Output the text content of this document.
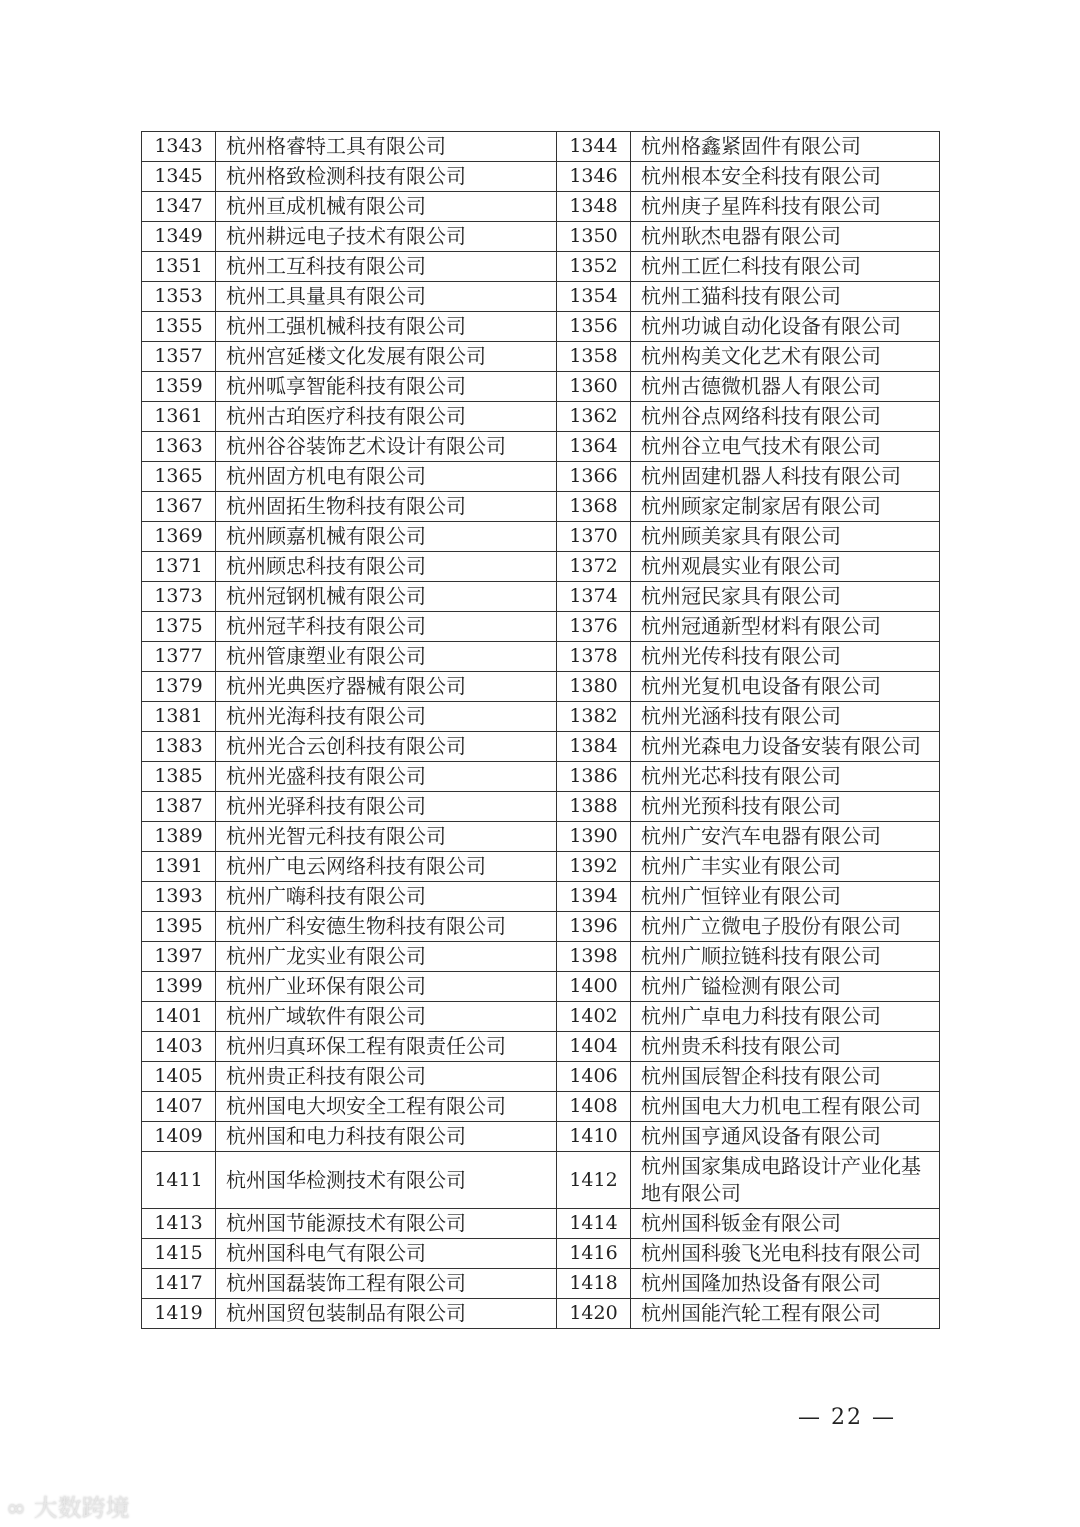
1343	杭州格睿特工具有限公司	1344	杭州格鑫紧固件有限公司
1345	杭州格致检测科技有限公司	1346	杭州根本安全科技有限公司
1347	杭州亘成机械有限公司	1348	杭州庚子星阵科技有限公司
1349	杭州耕远电子技术有限公司	1350	杭州耿杰电器有限公司
1351	杭州工互科技有限公司	1352	杭州工匠仁科技有限公司
1353	杭州工具量具有限公司	1354	杭州工猫科技有限公司
1355	杭州工强机械科技有限公司	1356	杭州功诚自动化设备有限公司
1357	杭州宫延楼文化发展有限公司	1358	杭州构美文化艺术有限公司
1359	杭州呱享智能科技有限公司	1360	杭州古德微机器人有限公司
1361	杭州古珀医疗科技有限公司	1362	杭州谷点网络科技有限公司
1363	杭州谷谷装饰艺术设计有限公司	1364	杭州谷立电气技术有限公司
1365	杭州固方机电有限公司	1366	杭州固建机器人科技有限公司
1367	杭州固拓生物科技有限公司	1368	杭州顾家定制家居有限公司
1369	杭州顾嘉机械有限公司	1370	杭州顾美家具有限公司
1371	杭州顾忠科技有限公司	1372	杭州观晨实业有限公司
1373	杭州冠钢机械有限公司	1374	杭州冠民家具有限公司
1375	杭州冠芊科技有限公司	1376	杭州冠通新型材料有限公司
1377	杭州管康塑业有限公司	1378	杭州光传科技有限公司
1379	杭州光典医疗器械有限公司	1380	杭州光复机电设备有限公司
1381	杭州光海科技有限公司	1382	杭州光涵科技有限公司
1383	杭州光合云创科技有限公司	1384	杭州光森电力设备安装有限公司
1385	杭州光盛科技有限公司	1386	杭州光芯科技有限公司
1387	杭州光驿科技有限公司	1388	杭州光预科技有限公司
1389	杭州光智元科技有限公司	1390	杭州广安汽车电器有限公司
1391	杭州广电云网络科技有限公司	1392	杭州广丰实业有限公司
1393	杭州广嗨科技有限公司	1394	杭州广恒锌业有限公司
1395	杭州广科安德生物科技有限公司	1396	杭州广立微电子股份有限公司
1397	杭州广龙实业有限公司	1398	杭州广顺拉链科技有限公司
1399	杭州广业环保有限公司	1400	杭州广镒检测有限公司
1401	杭州广域软件有限公司	1402	杭州广卓电力科技有限公司
1403	杭州归真环保工程有限责任公司	1404	杭州贵禾科技有限公司
1405	杭州贵正科技有限公司	1406	杭州国辰智企科技有限公司
1407	杭州国电大坝安全工程有限公司	1408	杭州国电大力机电工程有限公司
1409	杭州国和电力科技有限公司	1410	杭州国亨通风设备有限公司
1411	杭州国华检测技术有限公司	1412	杭州国家集成电路设计产业化基地有限公司
1413	杭州国节能源技术有限公司	1414	杭州国科钣金有限公司
1415	杭州国科电气有限公司	1416	杭州国科骏飞光电科技有限公司
1417	杭州国磊装饰工程有限公司	1418	杭州国隆加热设备有限公司
1419	杭州国贸包装制品有限公司	1420	杭州国能汽轮工程有限公司
— 22 —
∞ 大数跨境
